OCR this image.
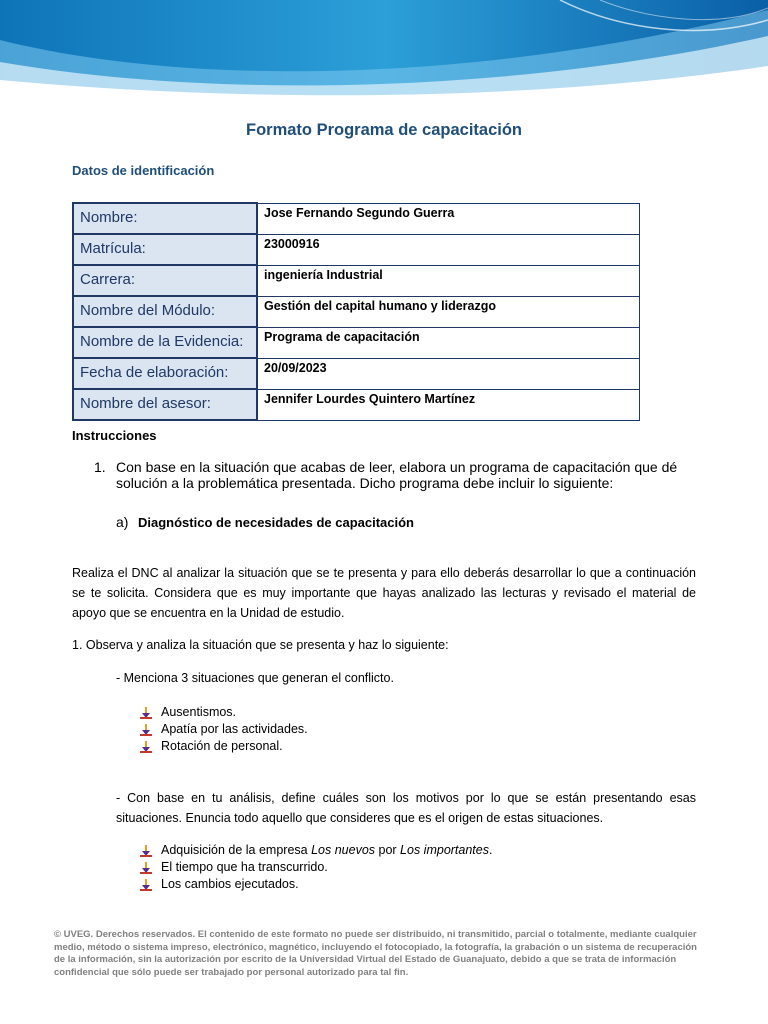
Formato Programa de capacitación
Datos de identificación
Nombre:	Jose Fernando Segundo Guerra
Matrícula:	23000916
Carrera:	ingeniería Industrial
Nombre del Módulo:	Gestión del capital humano y liderazgo
Nombre de la Evidencia:	Programa de capacitación
Fecha de elaboración:	20/09/2023
Nombre del asesor:	Jennifer Lourdes Quintero Martínez
Instrucciones
1. Con base en la situación que acabas de leer, elabora un programa de capacitación que dé
solución a la problemática presentada. Dicho programa debe incluir lo siguiente:
a) Diagnóstico de necesidades de capacitación
Realiza el DNC al analizar la situación que se te presenta y para ello deberás desarrollar lo que a continuación se te solicita. Considera que es muy importante que hayas analizado las lecturas y revisado el material de apoyo que se encuentra en la Unidad de estudio.
1. Observa y analiza la situación que se presenta y haz lo siguiente:
- Menciona 3 situaciones que generan el conflicto.
Ausentismos.
Apatía por las actividades.
Rotación de personal.
- Con base en tu análisis, define cuáles son los motivos por lo que se están presentando esas situaciones. Enuncia todo aquello que consideres que es el origen de estas situaciones.
Adquisición de la empresa Los nuevos por Los importantes.
El tiempo que ha transcurrido.
Los cambios ejecutados.
© UVEG. Derechos reservados. El contenido de este formato no puede ser distribuido, ni transmitido, parcial o totalmente, mediante cualquier medio, método o sistema impreso, electrónico, magnético, incluyendo el fotocopiado, la fotografía, la grabación o un sistema de recuperación de la información, sin la autorización por escrito de la Universidad Virtual del Estado de Guanajuato, debido a que se trata de información confidencial que sólo puede ser trabajado por personal autorizado para tal fin.
